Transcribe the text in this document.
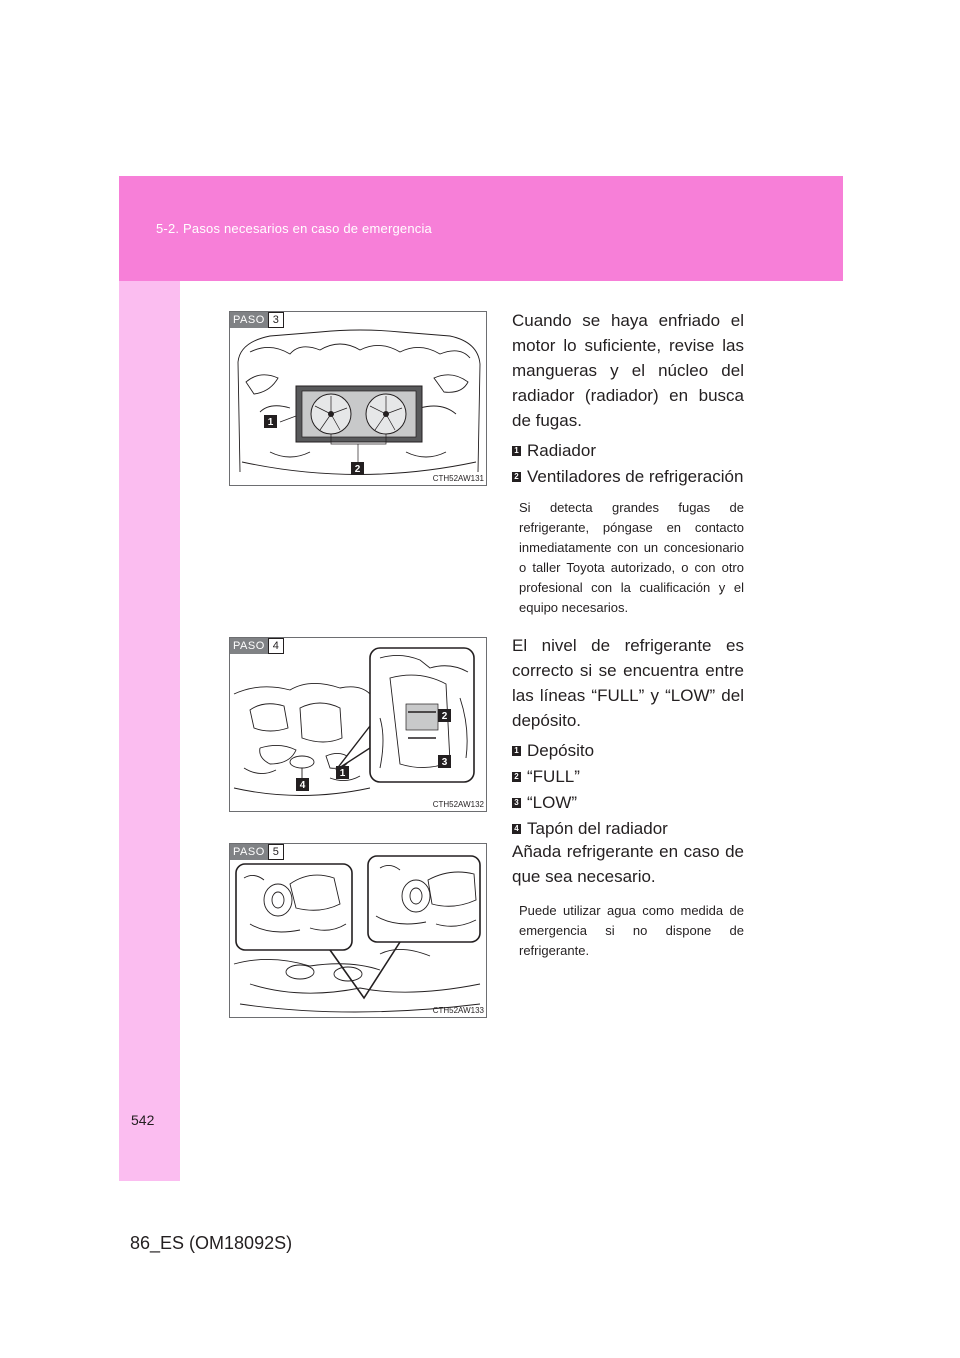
5-2. Pasos necesarios en caso de emergencia
542
86_ES (OM18092S)
PASO 3
1
2
CTH52AW131

Cuando se haya enfriado el motor lo suficiente, revise las mangueras y el núcleo del radiador (radiador) en busca de fugas.

1 Radiador
2 Ventiladores de refrigeración

Si detecta grandes fugas de refrigerante, póngase en contacto inmediatamente con un concesionario o taller Toyota autorizado, o con otro profesional con la cualificación y el equipo necesarios.

PASO 4
2
3
1
4
CTH52AW132

El nivel de refrigerante es correcto si se encuentra entre las líneas “FULL” y “LOW” del depósito.

1 Depósito
2 “FULL”
3 “LOW”
4 Tapón del radiador
PASO 5
CTH52AW133

Añada refrigerante en caso de que sea necesario.

Puede utilizar agua como medida de emergencia si no dispone de refrigerante.
